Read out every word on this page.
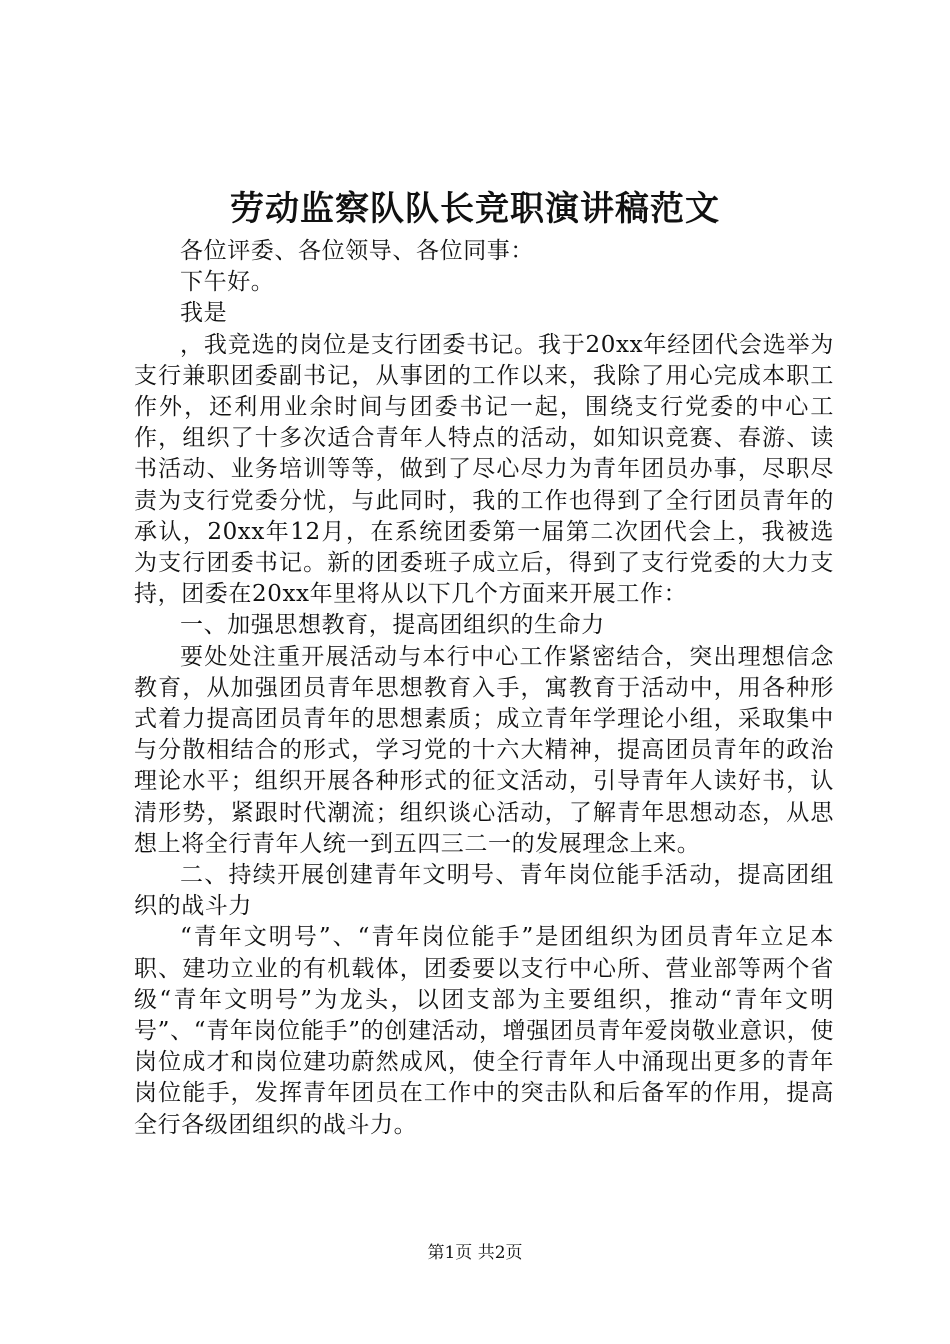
劳动监察队队长竞职演讲稿范文

各位评委、各位领导、各位同事：

下午好。

我是

，我竞选的岗位是支行团委书记。我于20xx年经团代会选举为支行兼职团委副书记，从事团的工作以来，我除了用心完成本职工作外，还利用业余时间与团委书记一起，围绕支行党委的中心工作，组织了十多次适合青年人特点的活动，如知识竞赛、春游、读书活动、业务培训等等，做到了尽心尽力为青年团员办事，尽职尽责为支行党委分忧，与此同时，我的工作也得到了全行团员青年的承认，20xx年12月，在系统团委第一届第二次团代会上，我被选为支行团委书记。新的团委班子成立后，得到了支行党委的大力支持，团委在20xx年里将从以下几个方面来开展工作：

一、加强思想教育，提高团组织的生命力

要处处注重开展活动与本行中心工作紧密结合，突出理想信念教育，从加强团员青年思想教育入手，寓教育于活动中，用各种形式着力提高团员青年的思想素质；成立青年学理论小组，采取集中与分散相结合的形式，学习党的十六大精神，提高团员青年的政治理论水平；组织开展各种形式的征文活动，引导青年人读好书，认清形势，紧跟时代潮流；组织谈心活动，了解青年思想动态，从思想上将全行青年人统一到五四三二一的发展理念上来。

二、持续开展创建青年文明号、青年岗位能手活动，提高团组织的战斗力

“青年文明号”、“青年岗位能手”是团组织为团员青年立足本职、建功立业的有机载体，团委要以支行中心所、营业部等两个省级“青年文明号”为龙头，以团支部为主要组织，推动“青年文明号”、“青年岗位能手”的创建活动，增强团员青年爱岗敬业意识，使岗位成才和岗位建功蔚然成风，使全行青年人中涌现出更多的青年岗位能手，发挥青年团员在工作中的突击队和后备军的作用，提高全行各级团组织的战斗力。

第1页 共2页
